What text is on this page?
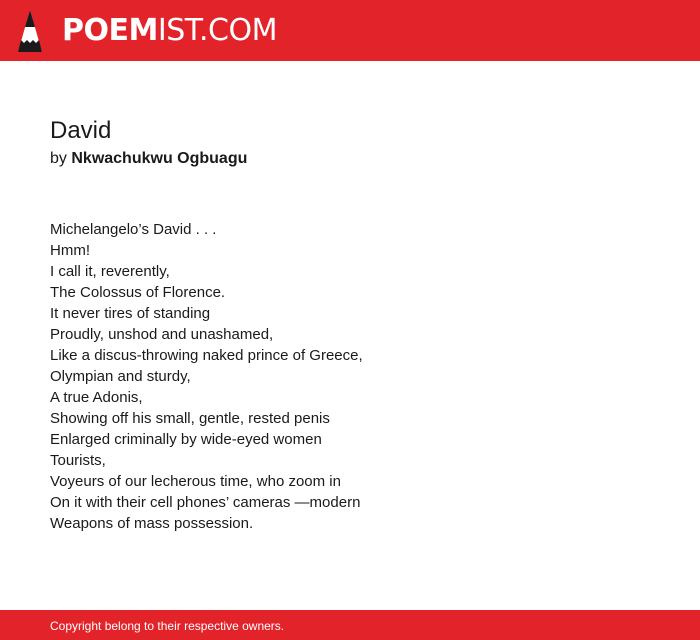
POEMIST.COM
David
by Nkwachukwu Ogbuagu
Michelangelo’s David . . .
Hmm!
I call it, reverently,
The Colossus of Florence.
It never tires of standing
Proudly, unshod and unashamed,
Like a discus-throwing naked prince of Greece,
Olympian and sturdy,
A true Adonis,
Showing off his small, gentle, rested penis
Enlarged criminally by wide-eyed women
Tourists,
Voyeurs of our lecherous time, who zoom in
On it with their cell phones’ cameras —modern
Weapons of mass possession.
Copyright belong to their respective owners.
